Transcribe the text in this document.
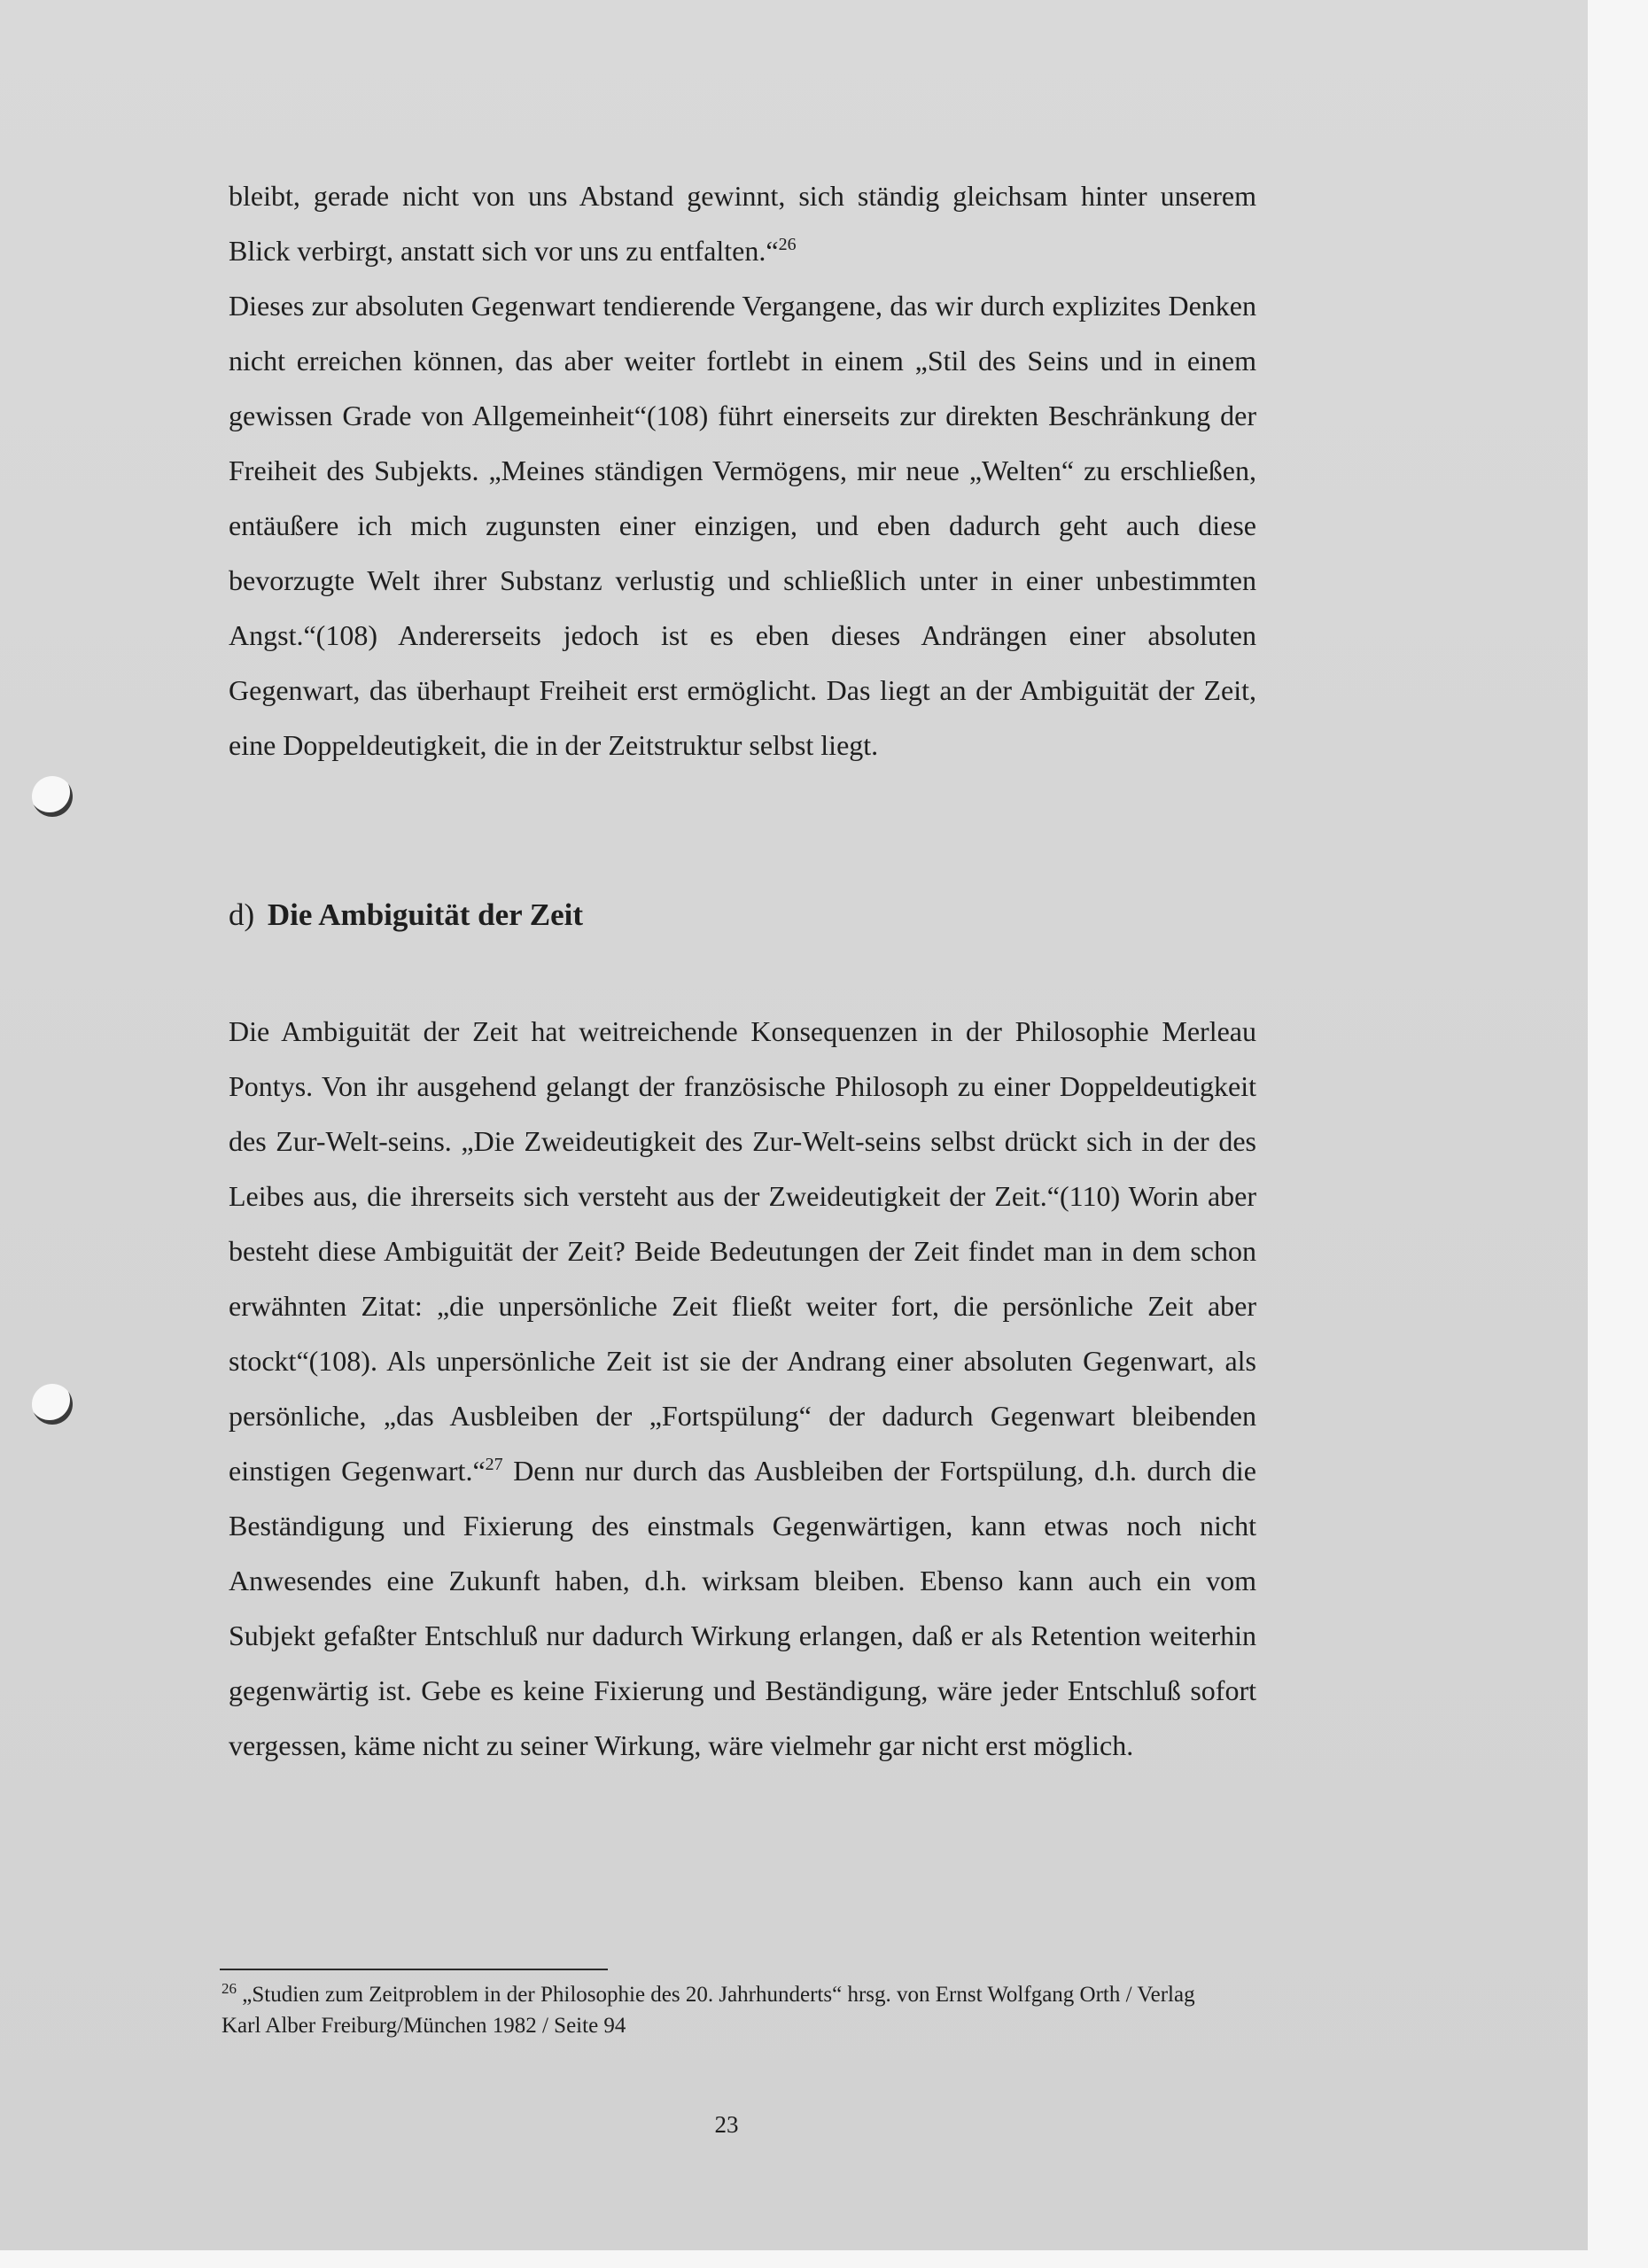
bleibt, gerade nicht von uns Abstand gewinnt, sich ständig gleichsam hinter unserem Blick verbirgt, anstatt sich vor uns zu entfalten.“$^{26}$

Dieses zur absoluten Gegenwart tendierende Vergangene, das wir durch explizites Denken nicht erreichen können, das aber weiter fortlebt in einem „Stil des Seins und in einem gewissen Grade von Allgemeinheit“(108) führt einerseits zur direkten Beschränkung der Freiheit des Subjekts. „Meines ständigen Vermögens, mir neue „Welten“ zu erschließen, entäußere ich mich zugunsten einer einzigen, und eben dadurch geht auch diese bevorzugte Welt ihrer Substanz verlustig und schließlich unter in einer unbestimmten Angst.“(108) Andererseits jedoch ist es eben dieses Andrängen einer absoluten Gegenwart, das überhaupt Freiheit erst ermöglicht. Das liegt an der Ambiguität der Zeit, eine Doppeldeutigkeit, die in der Zeitstruktur selbst liegt.

d) Die Ambiguität der Zeit

Die Ambiguität der Zeit hat weitreichende Konsequenzen in der Philosophie Merleau Pontys. Von ihr ausgehend gelangt der französische Philosoph zu einer Doppeldeutigkeit des Zur-Welt-seins. „Die Zweideutigkeit des Zur-Welt-seins selbst drückt sich in der des Leibes aus, die ihrerseits sich versteht aus der Zweideutigkeit der Zeit.“(110) Worin aber besteht diese Ambiguität der Zeit? Beide Bedeutungen der Zeit findet man in dem schon erwähnten Zitat: „die unpersönliche Zeit fließt weiter fort, die persönliche Zeit aber stockt“(108). Als unpersönliche Zeit ist sie der Andrang einer absoluten Gegenwart, als persönliche, „das Ausbleiben der „Fortspülung“ der dadurch Gegenwart bleibenden einstigen Gegenwart.“$^{27}$ Denn nur durch das Ausbleiben der Fortspülung, d.h. durch die Beständigung und Fixierung des einstmals Gegenwärtigen, kann etwas noch nicht Anwesendes eine Zukunft haben, d.h. wirksam bleiben. Ebenso kann auch ein vom Subjekt gefaßter Entschluß nur dadurch Wirkung erlangen, daß er als Retention weiterhin gegenwärtig ist. Gebe es keine Fixierung und Beständigung, wäre jeder Entschluß sofort vergessen, käme nicht zu seiner Wirkung, wäre vielmehr gar nicht erst möglich.

$^{26}$ „Studien zum Zeitproblem in der Philosophie des 20. Jahrhunderts“ hrsg. von Ernst Wolfgang Orth / Verlag Karl Alber Freiburg/München 1982 / Seite 94
23
